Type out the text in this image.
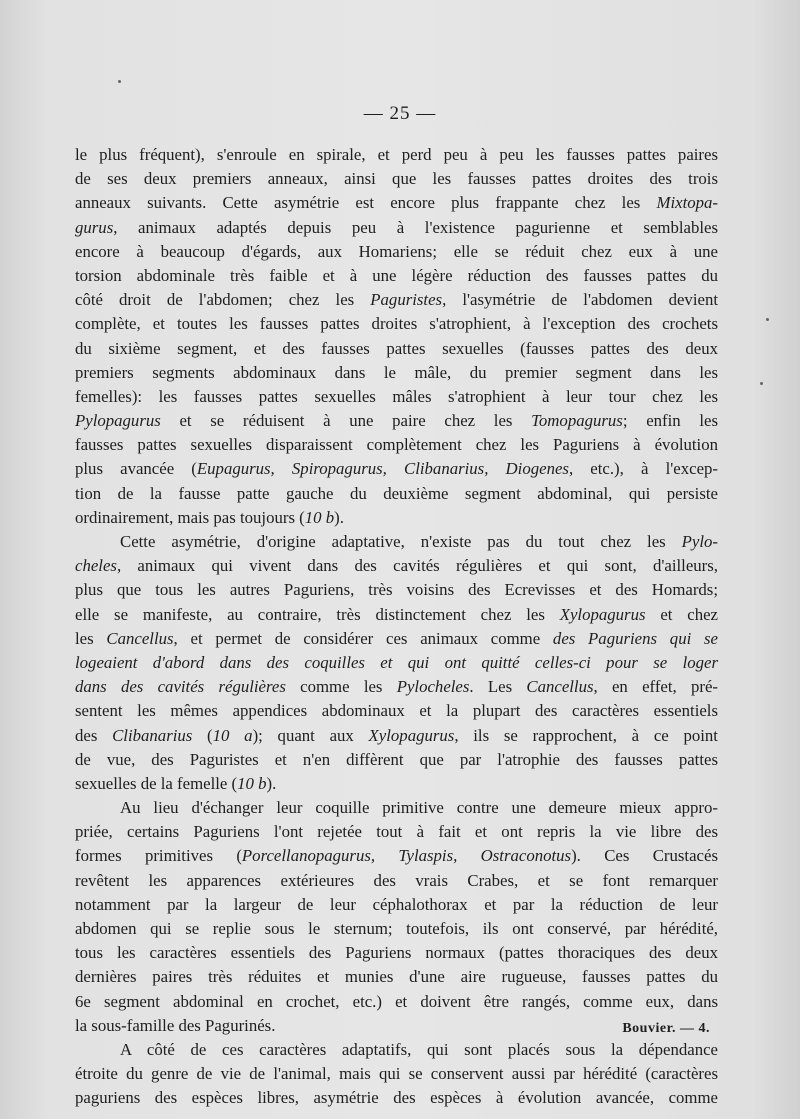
— 25 —
le plus fréquent), s'enroule en spirale, et perd peu à peu les fausses pattes paires
de ses deux premiers anneaux, ainsi que les fausses pattes droites des trois
anneaux suivants. Cette asymétrie est encore plus frappante chez les Mixtopa-
gurus, animaux adaptés depuis peu à l'existence pagurienne et semblables
encore à beaucoup d'égards, aux Homariens; elle se réduit chez eux à une
torsion abdominale très faible et à une légère réduction des fausses pattes du
côté droit de l'abdomen; chez les Paguristes, l'asymétrie de l'abdomen devient
complète, et toutes les fausses pattes droites s'atrophient, à l'exception des crochets
du sixième segment, et des fausses pattes sexuelles (fausses pattes des deux
premiers segments abdominaux dans le mâle, du premier segment dans les
femelles): les fausses pattes sexuelles mâles s'atrophient à leur tour chez les
Pylopagurus et se réduisent à une paire chez les Tomopagurus; enfin les
fausses pattes sexuelles disparaissent complètement chez les Paguriens à évolution
plus avancée (Eupagurus, Spiropagurus, Clibanarius, Diogenes, etc.), à l'excep-
tion de la fausse patte gauche du deuxième segment abdominal, qui persiste
ordinairement, mais pas toujours (10 b).
Cette asymétrie, d'origine adaptative, n'existe pas du tout chez les Pylo-
cheles, animaux qui vivent dans des cavités régulières et qui sont, d'ailleurs,
plus que tous les autres Paguriens, très voisins des Ecrevisses et des Homards;
elle se manifeste, au contraire, très distinctement chez les Xylopagurus et chez
les Cancellus, et permet de considérer ces animaux comme des Paguriens qui se
logeaient d'abord dans des coquilles et qui ont quitté celles-ci pour se loger
dans des cavités régulières comme les Pylocheles. Les Cancellus, en effet, pré-
sentent les mêmes appendices abdominaux et la plupart des caractères essentiels
des Clibanarius (10 a); quant aux Xylopagurus, ils se rapprochent, à ce point
de vue, des Paguristes et n'en diffèrent que par l'atrophie des fausses pattes
sexuelles de la femelle (10 b).
Au lieu d'échanger leur coquille primitive contre une demeure mieux appro-
priée, certains Paguriens l'ont rejetée tout à fait et ont repris la vie libre des
formes primitives (Porcellanopagurus, Tylaspis, Ostraconotus). Ces Crustacés
revêtent les apparences extérieures des vrais Crabes, et se font remarquer
notamment par la largeur de leur céphalothorax et par la réduction de leur
abdomen qui se replie sous le sternum; toutefois, ils ont conservé, par hérédité,
tous les caractères essentiels des Paguriens normaux (pattes thoraciques des deux
dernières paires très réduites et munies d'une aire rugueuse, fausses pattes du
6e segment abdominal en crochet, etc.) et doivent être rangés, comme eux, dans
la sous-famille des Pagurinés.
A côté de ces caractères adaptatifs, qui sont placés sous la dépendance
étroite du genre de vie de l'animal, mais qui se conservent aussi par hérédité (caractères
paguriens des espèces libres, asymétrie des espèces à évolution avancée, comme
Bouvier. — 4.
